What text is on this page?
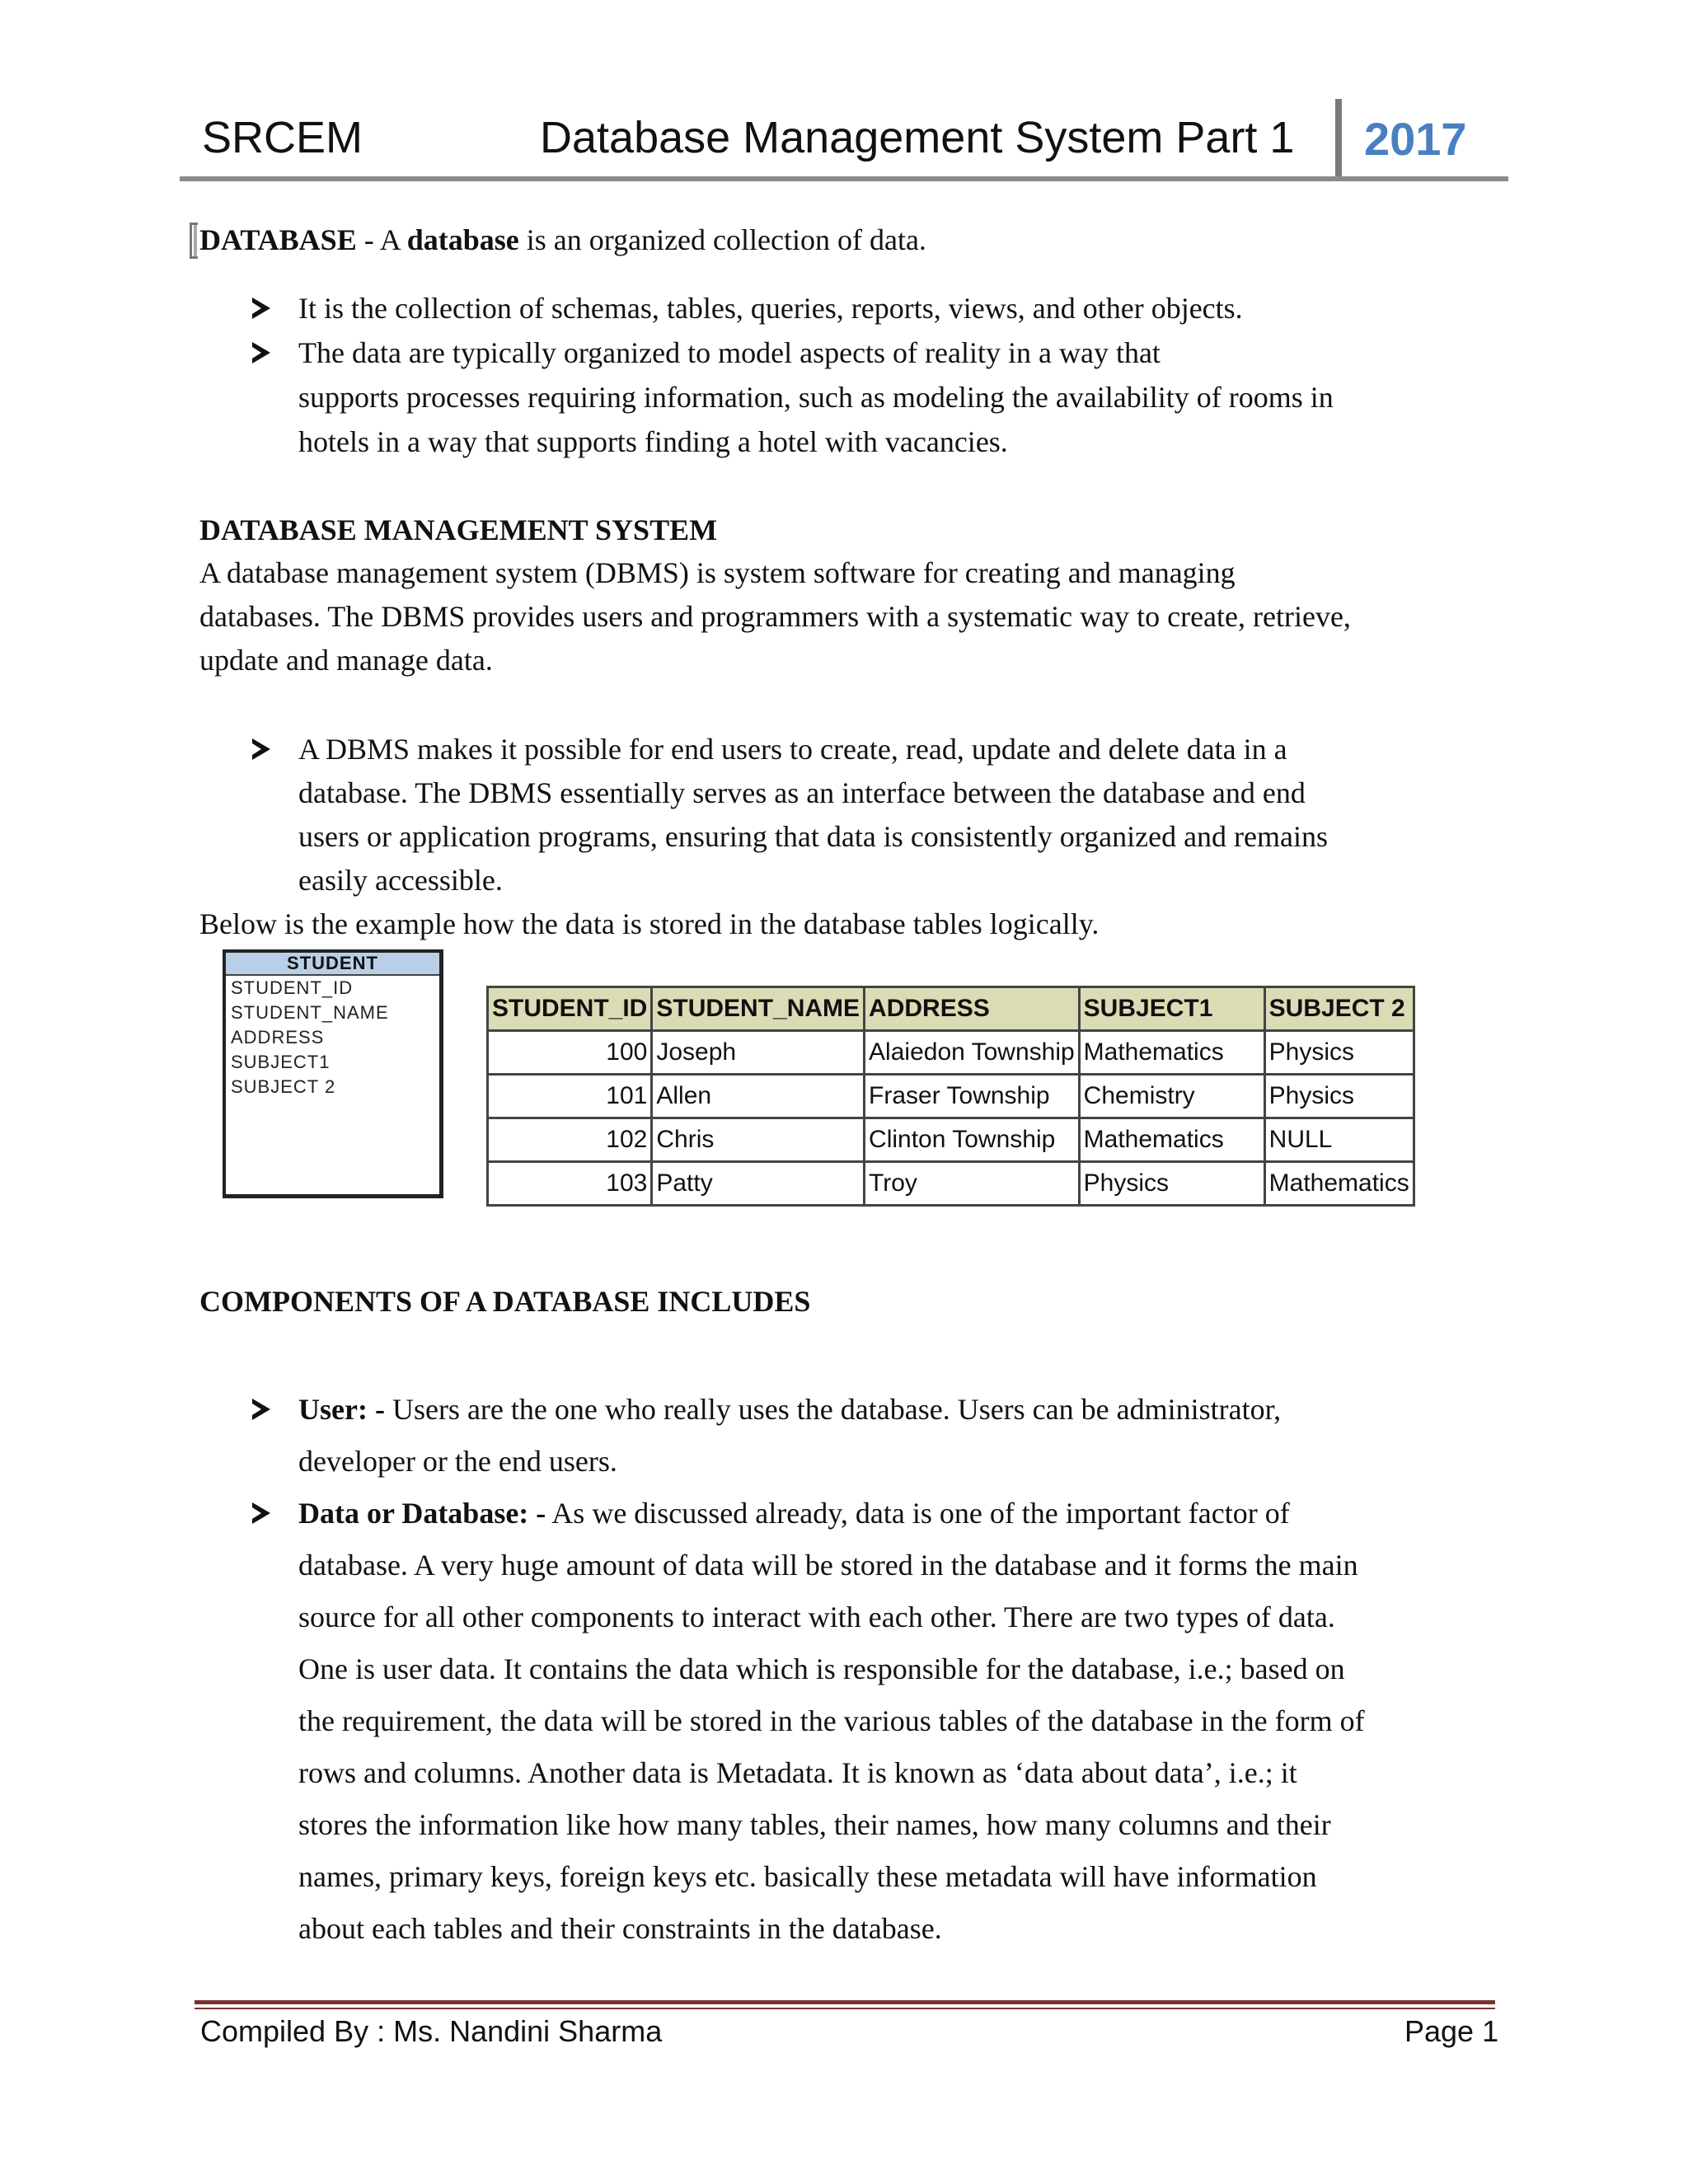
SRCEM	Database Management System Part 1 2017
DATABASE - A database is an organized collection of data.
It is the collection of schemas, tables, queries, reports, views, and other objects.
The data are typically organized to model aspects of reality in a way that
supports processes requiring information, such as modeling the availability of rooms in
hotels in a way that supports finding a hotel with vacancies.
DATABASE MANAGEMENT SYSTEM
A database management system (DBMS) is system software for creating and managing
databases. The DBMS provides users and programmers with a systematic way to create, retrieve,
update and manage data.
A DBMS makes it possible for end users to create, read, update and delete data in a
database. The DBMS essentially serves as an interface between the database and end
users or application programs, ensuring that data is consistently organized and remains
easily accessible.
Below is the example how the data is stored in the database tables logically.
STUDENT
STUDENT_ID
STUDENT_NAME
ADDRESS
SUBJECT1
SUBJECT 2
STUDENT_ID	STUDENT_NAME	ADDRESS	SUBJECT1	SUBJECT 2
100	Joseph	Alaiedon Township	Mathematics	Physics
101	Allen	Fraser Township	Chemistry	Physics
102	Chris	Clinton Township	Mathematics	NULL
103	Patty	Troy	Physics	Mathematics
COMPONENTS OF A DATABASE INCLUDES
User: - Users are the one who really uses the database. Users can be administrator,
developer or the end users.
Data or Database: - As we discussed already, data is one of the important factor of
database. A very huge amount of data will be stored in the database and it forms the main
source for all other components to interact with each other. There are two types of data.
One is user data. It contains the data which is responsible for the database, i.e.; based on
the requirement, the data will be stored in the various tables of the database in the form of
rows and columns. Another data is Metadata. It is known as ‘data about data’, i.e.; it
stores the information like how many tables, their names, how many columns and their
names, primary keys, foreign keys etc. basically these metadata will have information
about each tables and their constraints in the database.
Compiled By : Ms. Nandini Sharma	Page 1
